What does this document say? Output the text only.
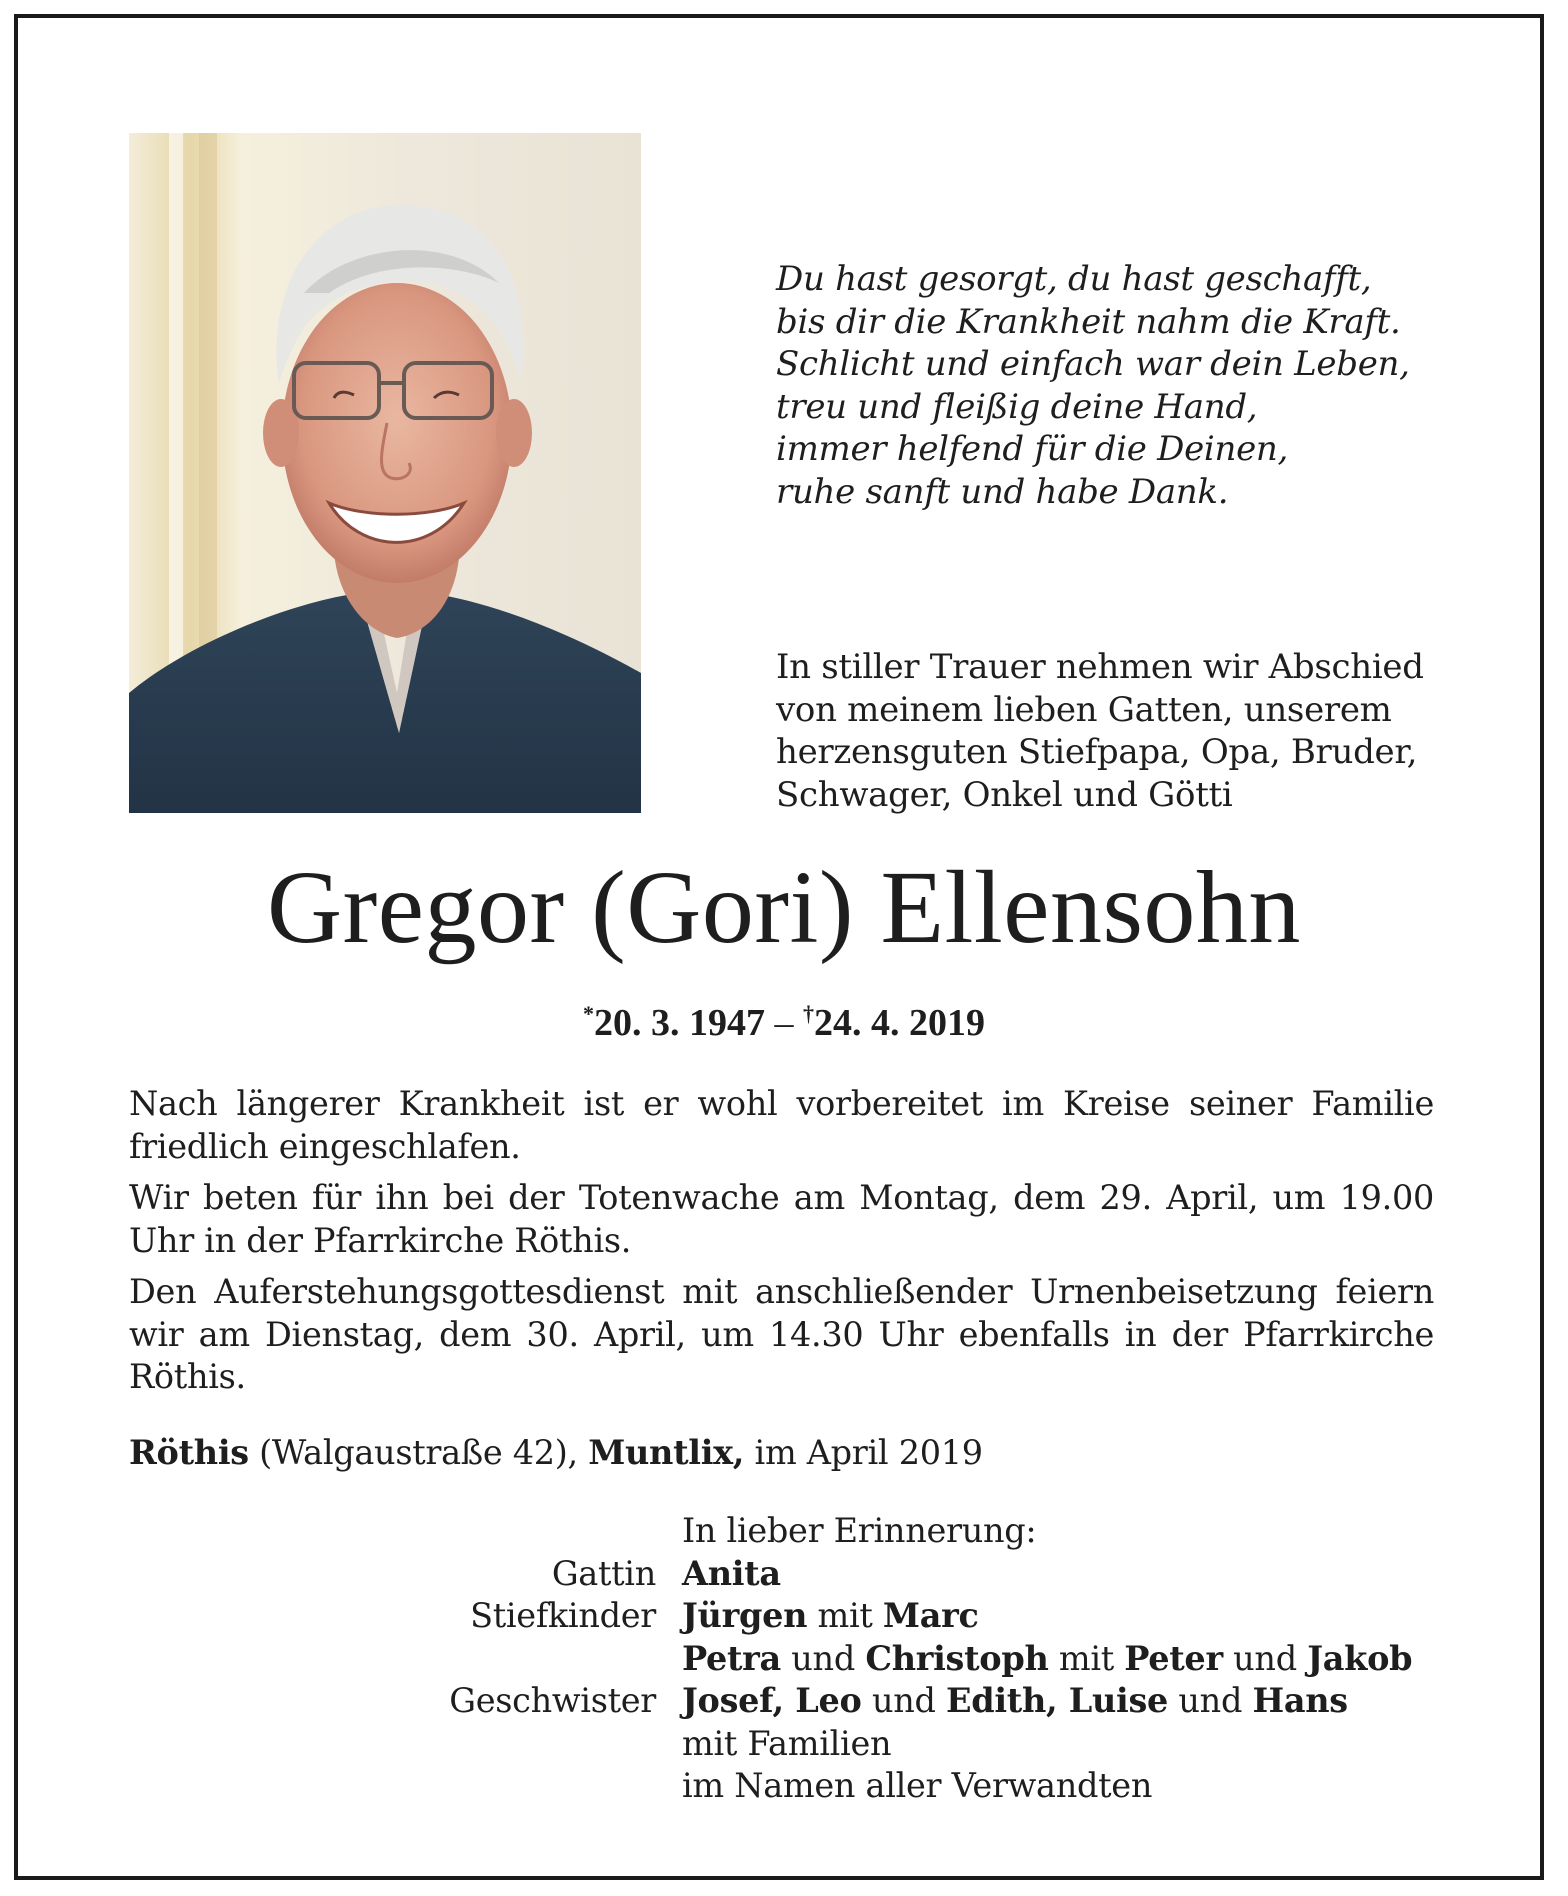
Du hast gesorgt, du hast geschafft,
bis dir die Krankheit nahm die Kraft.
Schlicht und einfach war dein Leben,
treu und fleißig deine Hand,
immer helfend für die Deinen,
ruhe sanft und habe Dank.
In stiller Trauer nehmen wir Abschied
von meinem lieben Gatten, unserem
herzensguten Stiefpapa, Opa, Bruder,
Schwager, Onkel und Götti
Gregor (Gori) Ellensohn
*20. 3. 1947 – †24. 4. 2019

Nach längerer Krankheit ist er wohl vorbereitet im Kreise seiner Familie friedlich eingeschlafen.

Wir beten für ihn bei der Totenwache am Montag, dem 29. April, um 19.00 Uhr in der Pfarrkirche Röthis.

Den Auferstehungsgottesdienst mit anschließender Urnenbeisetzung feiern wir am Dienstag, dem 30. April, um 14.30 Uhr ebenfalls in der Pfarrkirche Röthis.

Röthis (Walgaustraße 42), Muntlix, im April 2019
In lieber Erinnerung:
Gattin Anita
Stiefkinder Jürgen mit Marc
Petra und Christoph mit Peter und Jakob
Geschwister Josef, Leo und Edith, Luise und Hans
mit Familien
im Namen aller Verwandten
